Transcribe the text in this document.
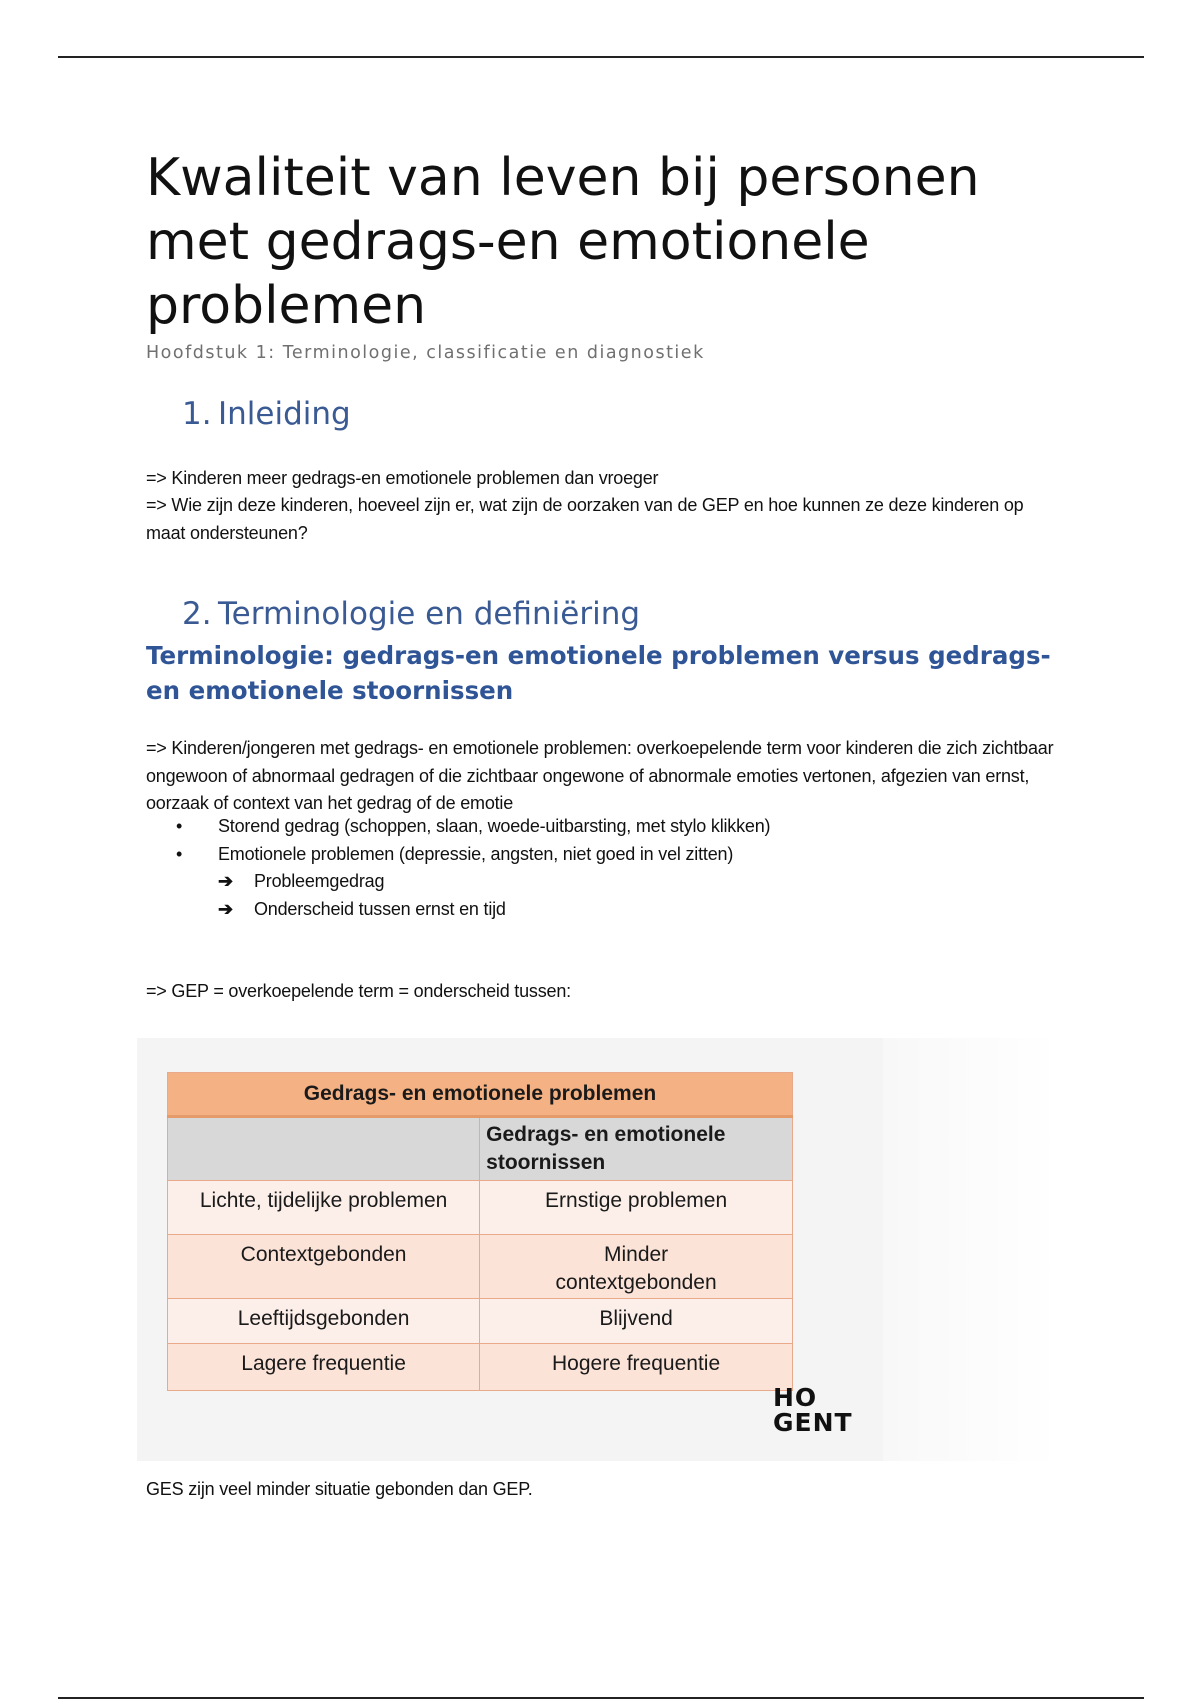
Kwaliteit van leven bij personen met gedrags-en emotionele problemen
Hoofdstuk 1: Terminologie, classificatie en diagnostiek
1. Inleiding

=> Kinderen meer gedrags-en emotionele problemen dan vroeger

=> Wie zijn deze kinderen, hoeveel zijn er, wat zijn de oorzaken van de GEP en hoe kunnen ze deze kinderen op maat ondersteunen?

2. Terminologie en definiëring
Terminologie: gedrags-en emotionele problemen versus gedrags-en emotionele stoornissen

=> Kinderen/jongeren met gedrags- en emotionele problemen: overkoepelende term voor kinderen die zich zichtbaar ongewoon of abnormaal gedragen of die zichtbaar ongewone of abnormale emoties vertonen, afgezien van ernst, oorzaak of context van het gedrag of de emotie

• Storend gedrag (schoppen, slaan, woede-uitbarsting, met stylo klikken)
• Emotionele problemen (depressie, angsten, niet goed in vel zitten)
➔ Probleemgedrag
➔ Onderscheid tussen ernst en tijd

=> GEP = overkoepelende term = onderscheid tussen:

GES zijn veel minder situatie gebonden dan GEP.

Gedrags- en emotionele problemen	
	Gedrags- en emotionele stoornissen
Lichte, tijdelijke problemen	Ernstige problemen
Contextgebonden	Minder contextgebonden
Leeftijdsgebonden	Blijvend
Lagere frequentie	Hogere frequentie
HO
GENT
